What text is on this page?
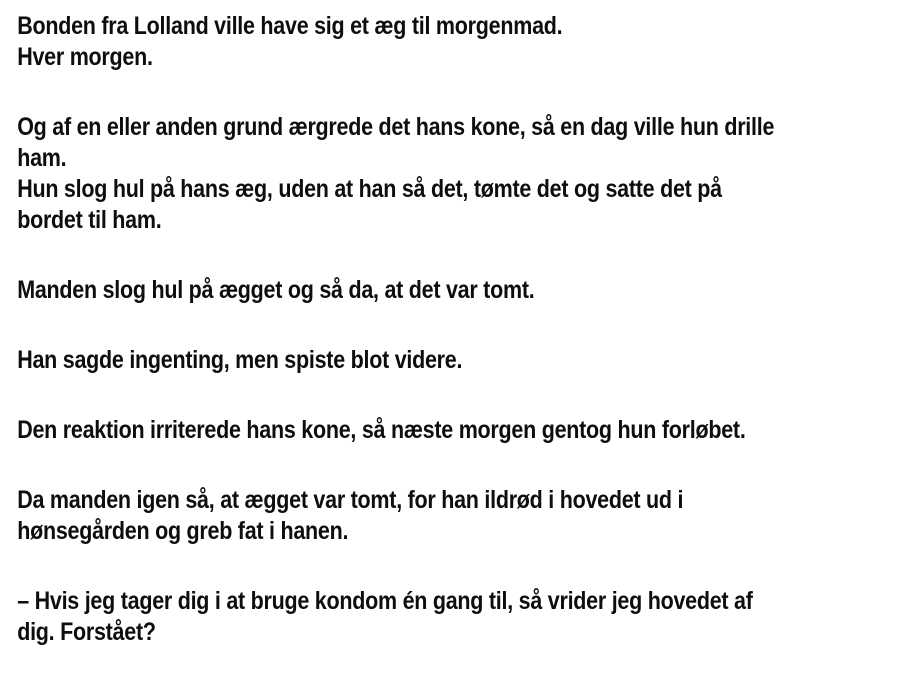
Bonden fra Lolland ville have sig et æg til morgenmad.
Hver morgen.

Og af en eller anden grund ærgrede det hans kone, så en dag ville hun drille
ham.
Hun slog hul på hans æg, uden at han så det, tømte det og satte det på
bordet til ham.

Manden slog hul på ægget og så da, at det var tomt.

Han sagde ingenting, men spiste blot videre.

Den reaktion irriterede hans kone, så næste morgen gentog hun forløbet.

Da manden igen så, at ægget var tomt, for han ildrød i hovedet ud i
hønsegården og greb fat i hanen.

– Hvis jeg tager dig i at bruge kondom én gang til, så vrider jeg hovedet af
dig. Forstået?
